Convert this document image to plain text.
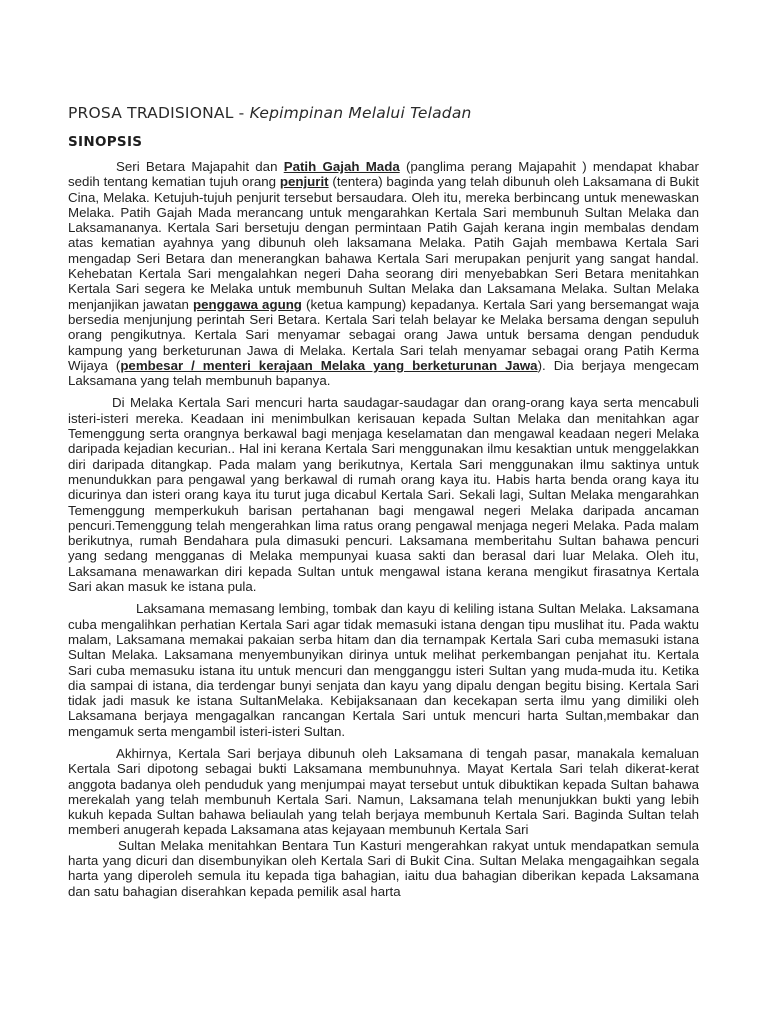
PROSA TRADISIONAL - Kepimpinan Melalui Teladan
SINOPSIS

Seri Betara Majapahit dan Patih Gajah Mada (panglima perang Majapahit ) mendapat khabar sedih tentang kematian tujuh orang penjurit (tentera) baginda yang telah dibunuh oleh Laksamana di Bukit Cina, Melaka. Ketujuh-tujuh penjurit tersebut bersaudara. Oleh itu, mereka berbincang untuk menewaskan Melaka. Patih Gajah Mada merancang untuk mengarahkan Kertala Sari membunuh Sultan Melaka dan Laksamananya. Kertala Sari bersetuju dengan permintaan Patih Gajah kerana ingin membalas dendam atas kematian ayahnya yang dibunuh oleh laksamana Melaka. Patih Gajah membawa Kertala Sari mengadap Seri Betara dan menerangkan bahawa Kertala Sari merupakan penjurit yang sangat handal. Kehebatan Kertala Sari mengalahkan negeri Daha seorang diri menyebabkan Seri Betara menitahkan Kertala Sari segera ke Melaka untuk membunuh Sultan Melaka dan Laksamana Melaka. Sultan Melaka menjanjikan jawatan penggawa agung (ketua kampung) kepadanya. Kertala Sari yang bersemangat waja bersedia menjunjung perintah Seri Betara. Kertala Sari telah belayar ke Melaka bersama dengan sepuluh orang pengikutnya. Kertala Sari menyamar sebagai orang Jawa untuk bersama dengan penduduk kampung yang berketurunan Jawa di Melaka. Kertala Sari telah menyamar sebagai orang Patih Kerma Wijaya (pembesar / menteri kerajaan Melaka yang berketurunan Jawa). Dia berjaya mengecam Laksamana yang telah membunuh bapanya.

Di Melaka Kertala Sari mencuri harta saudagar-saudagar dan orang-orang kaya serta mencabuli isteri-isteri mereka. Keadaan ini menimbulkan kerisauan kepada Sultan Melaka dan menitahkan agar Temenggung serta orangnya berkawal bagi menjaga keselamatan dan mengawal keadaan negeri Melaka daripada kejadian kecurian.. Hal ini kerana Kertala Sari menggunakan ilmu kesaktian untuk menggelakkan diri daripada ditangkap. Pada malam yang berikutnya, Kertala Sari menggunakan ilmu saktinya untuk menundukkan para pengawal yang berkawal di rumah orang kaya itu. Habis harta benda orang kaya itu dicurinya dan isteri orang kaya itu turut juga dicabul Kertala Sari. Sekali lagi, Sultan Melaka mengarahkan Temenggung memperkukuh barisan pertahanan bagi mengawal negeri Melaka daripada ancaman pencuri.Temenggung telah mengerahkan lima ratus orang pengawal menjaga negeri Melaka. Pada malam berikutnya, rumah Bendahara pula dimasuki pencuri. Laksamana memberitahu Sultan bahawa pencuri yang sedang mengganas di Melaka mempunyai kuasa sakti dan berasal dari luar Melaka. Oleh itu, Laksamana menawarkan diri kepada Sultan untuk mengawal istana kerana mengikut firasatnya Kertala Sari akan masuk ke istana pula.

Laksamana memasang lembing, tombak dan kayu di keliling istana Sultan Melaka. Laksamana cuba mengalihkan perhatian Kertala Sari agar tidak memasuki istana dengan tipu muslihat itu. Pada waktu malam, Laksamana memakai pakaian serba hitam dan dia ternampak Kertala Sari cuba memasuki istana Sultan Melaka. Laksamana menyembunyikan dirinya untuk melihat perkembangan penjahat itu. Kertala Sari cuba memasuku istana itu untuk mencuri dan mengganggu isteri Sultan yang muda-muda itu. Ketika dia sampai di istana, dia terdengar bunyi senjata dan kayu yang dipalu dengan begitu bising. Kertala Sari tidak jadi masuk ke istana SultanMelaka. Kebijaksanaan dan kecekapan serta ilmu yang dimiliki oleh Laksamana berjaya mengagalkan rancangan Kertala Sari untuk mencuri harta Sultan,membakar dan mengamuk serta mengambil isteri-isteri Sultan.

Akhirnya, Kertala Sari berjaya dibunuh oleh Laksamana di tengah pasar, manakala kemaluan Kertala Sari dipotong sebagai bukti Laksamana membunuhnya. Mayat Kertala Sari telah dikerat-kerat anggota badanya oleh penduduk yang menjumpai mayat tersebut untuk dibuktikan kepada Sultan bahawa merekalah yang telah membunuh Kertala Sari. Namun, Laksamana telah menunjukkan bukti yang lebih kukuh kepada Sultan bahawa beliaulah yang telah berjaya membunuh Kertala Sari. Baginda Sultan telah memberi anugerah kepada Laksamana atas kejayaan membunuh Kertala Sari

Sultan Melaka menitahkan Bentara Tun Kasturi mengerahkan rakyat untuk mendapatkan semula harta yang dicuri dan disembunyikan oleh Kertala Sari di Bukit Cina. Sultan Melaka mengagaihkan segala harta yang diperoleh semula itu kepada tiga bahagian, iaitu dua bahagian diberikan kepada Laksamana dan satu bahagian diserahkan kepada pemilik asal harta
